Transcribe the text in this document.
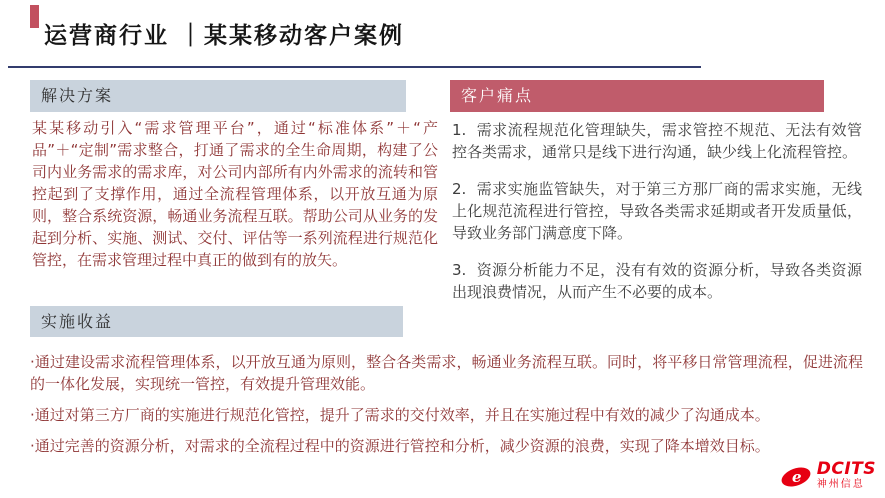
运营商行业 ｜某某移动客户案例
解决方案
某某移动引入“需求管理平台”，通过“标准体系”＋“产品”＋“定制”需求整合，打通了需求的全生命周期，构建了公司内业务需求的需求库，对公司内部所有内外需求的流转和管控起到了支撑作用，通过全流程管理体系，以开放互通为原则，整合系统资源，畅通业务流程互联。帮助公司从业务的发起到分析、实施、测试、交付、评估等一系列流程进行规范化管控，在需求管理过程中真正的做到有的放矢。
客户痛点
1. 需求流程规范化管理缺失，需求管控不规范、无法有效管控各类需求，通常只是线下进行沟通，缺少线上化流程管控。
2. 需求实施监管缺失，对于第三方那厂商的需求实施，无线上化规范流程进行管控，导致各类需求延期或者开发质量低，导致业务部门满意度下降。
3. 资源分析能力不足，没有有效的资源分析，导致各类资源出现浪费情况，从而产生不必要的成本。
实施收益
·通过建设需求流程管理体系，以开放互通为原则，整合各类需求，畅通业务流程互联。同时，将平移日常管理流程，促进流程的一体化发展，实现统一管控，有效提升管理效能。
·通过对第三方厂商的实施进行规范化管控，提升了需求的交付效率，并且在实施过程中有效的减少了沟通成本。
·通过完善的资源分析，对需求的全流程过程中的资源进行管控和分析，减少资源的浪费，实现了降本增效目标。
e DCITS
神州信息
